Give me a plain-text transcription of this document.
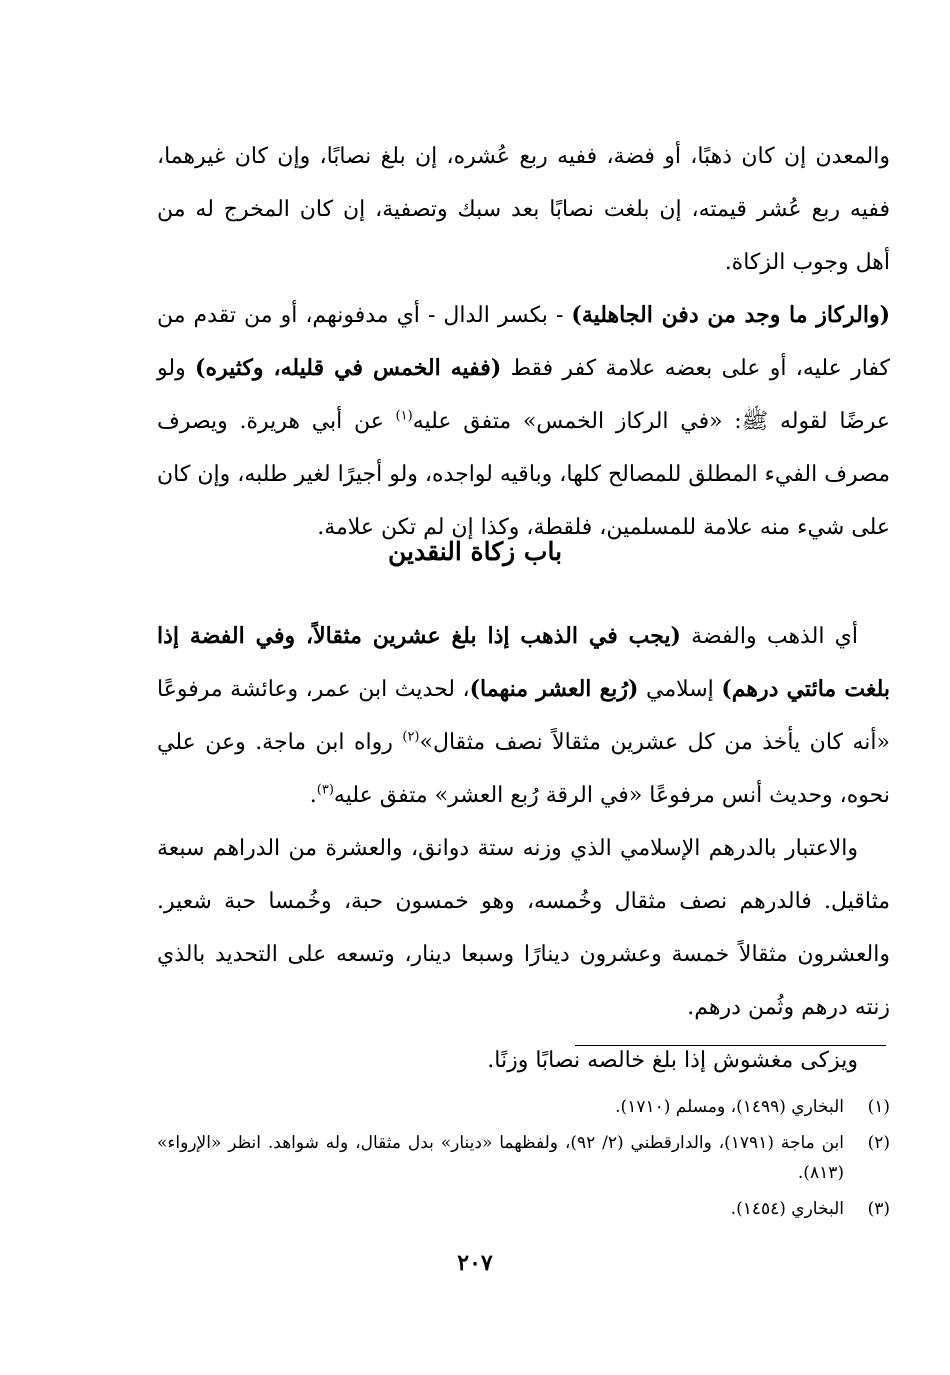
والمعدن إن كان ذهبًا، أو فضة، ففيه ربع عُشره، إن بلغ نصابًا، وإن كان غيرهما، ففيه ربع عُشر قيمته، إن بلغت نصابًا بعد سبك وتصفية، إن كان المخرج له من أهل وجوب الزكاة.

(والركاز ما وجد من دفن الجاهلية) - بكسر الدال - أي مدفونهم، أو من تقدم من كفار عليه، أو على بعضه علامة كفر فقط (ففيه الخمس في قليله، وكثيره) ولو عرضًا لقوله ﷺ: «في الركاز الخمس» متفق عليه$^{(١)}$ عن أبي هريرة. ويصرف مصرف الفيء المطلق للمصالح كلها، وباقيه لواجده، ولو أجيرًا لغير طلبه، وإن كان على شيء منه علامة للمسلمين، فلقطة، وكذا إن لم تكن علامة.

باب زكاة النقدين

أي الذهب والفضة (يجب في الذهب إذا بلغ عشرين مثقالاً، وفي الفضة إذا بلغت مائتي درهم) إسلامي (رُبع العشر منهما)، لحديث ابن عمر، وعائشة مرفوعًا «أنه كان يأخذ من كل عشرين مثقالاً نصف مثقال»$^{(٢)}$ رواه ابن ماجة. وعن علي نحوه، وحديث أنس مرفوعًا «في الرقة رُبع العشر» متفق عليه$^{(٣)}$.

والاعتبار بالدرهم الإسلامي الذي وزنه ستة دوانق، والعشرة من الدراهم سبعة مثاقيل. فالدرهم نصف مثقال وخُمسه، وهو خمسون حبة، وخُمسا حبة شعير. والعشرون مثقالاً خمسة وعشرون دينارًا وسبعا دينار، وتسعه على التحديد بالذي زنته درهم وثُمن درهم.

ويزكى مغشوش إذا بلغ خالصه نصابًا وزنًا.

(١)
البخاري (١٤٩٩)، ومسلم (١٧١٠).
(٢)
ابن ماجة (١٧٩١)، والدارقطني (٢/ ٩٢)، ولفظهما «دينار» بدل مثقال، وله شواهد. انظر «الإرواء» (٨١٣).
(٣)
البخاري (١٤٥٤).
٢٠٧
